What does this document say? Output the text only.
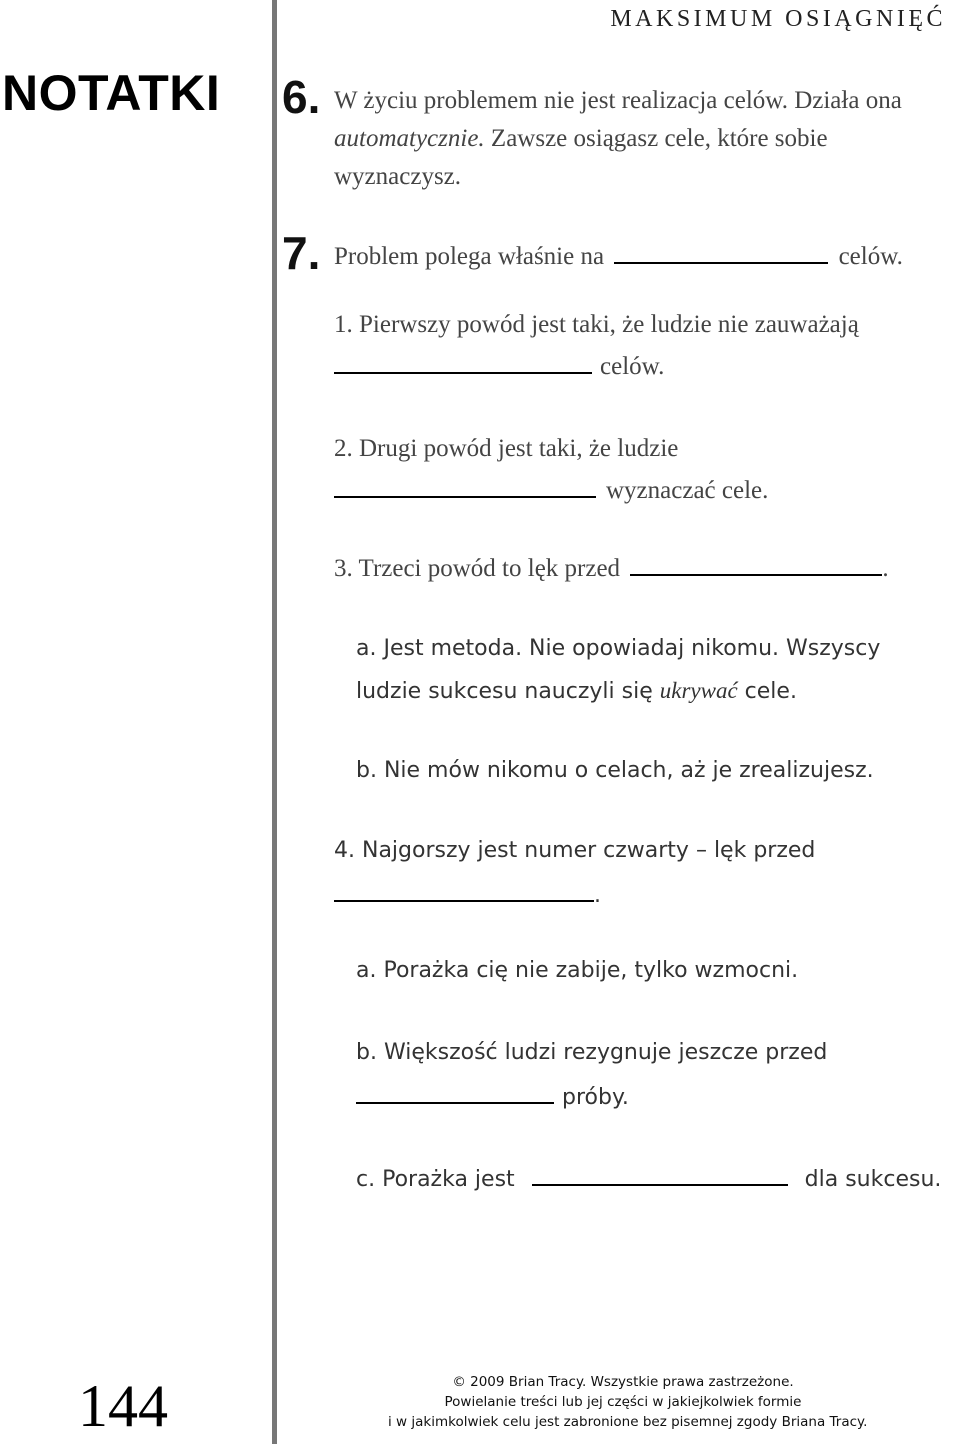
MAKSIMUM OSIĄGNIĘĆ
NOTATKI 6. W życiu problemem nie jest realizacja celów. Działa ona
automatycznie. Zawsze osiągasz cele, które sobie
wyznaczysz.
7. Problem polega właśnie na	celów.
1. Pierwszy powód jest taki, że ludzie nie zauważają
celów.
2. Drugi powód jest taki, że ludzie
wyznaczać cele.
3. Trzeci powód to lęk przed	.
a. Jest metoda. Nie opowiadaj nikomu. Wszyscy
ludzie sukcesu nauczyli się ukrywać cele.
b. Nie mów nikomu o celach, aż je zrealizujesz.
4. Najgorszy jest numer czwarty – lęk przed
.
a. Porażka cię nie zabije, tylko wzmocni.
b. Większość ludzi rezygnuje jeszcze przed
próby.
c. Porażka jest	dla sukcesu.
144	© 2009 Brian Tracy. Wszystkie prawa zastrzeżone.
Powielanie treści lub jej części w jakiejkolwiek formie
i w jakimkolwiek celu jest zabronione bez pisemnej zgody Briana Tracy.
